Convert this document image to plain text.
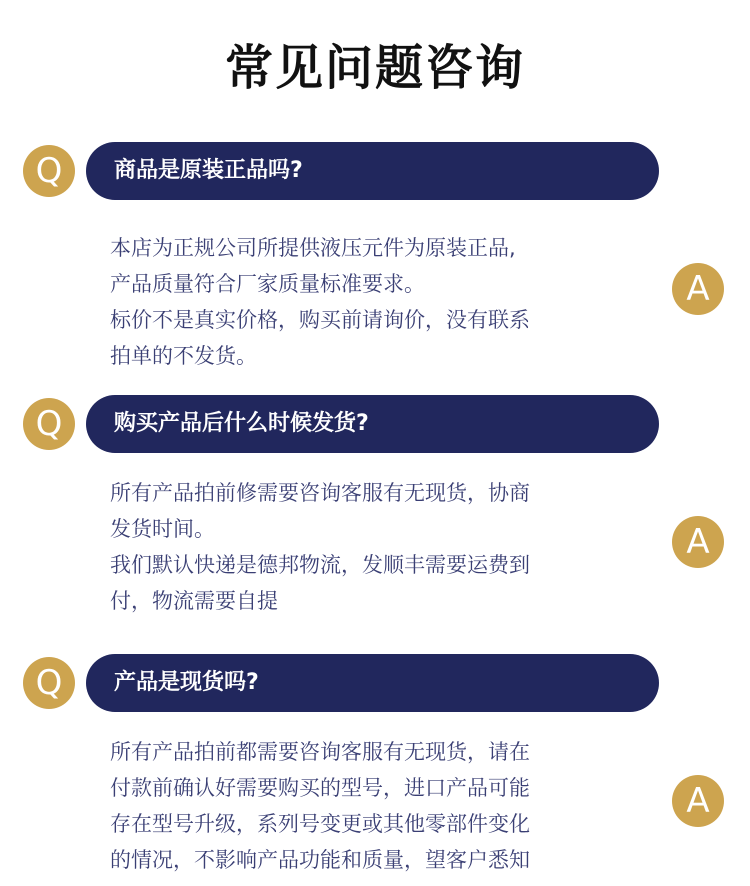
常见问题咨询
Q	商品是原装正品吗?
A
本店为正规公司所提供液压元件为原装正品,
产品质量符合厂家质量标准要求。
标价不是真实价格，购买前请询价，没有联系
拍单的不发货。
Q	购买产品后什么时候发货?
A
所有产品拍前修需要咨询客服有无现货，协商
发货时间。
我们默认快递是德邦物流，发顺丰需要运费到
付，物流需要自提
Q	产品是现货吗?
A
所有产品拍前都需要咨询客服有无现货，请在
付款前确认好需要购买的型号，进口产品可能
存在型号升级，系列号变更或其他零部件变化
的情况，不影响产品功能和质量，望客户悉知
